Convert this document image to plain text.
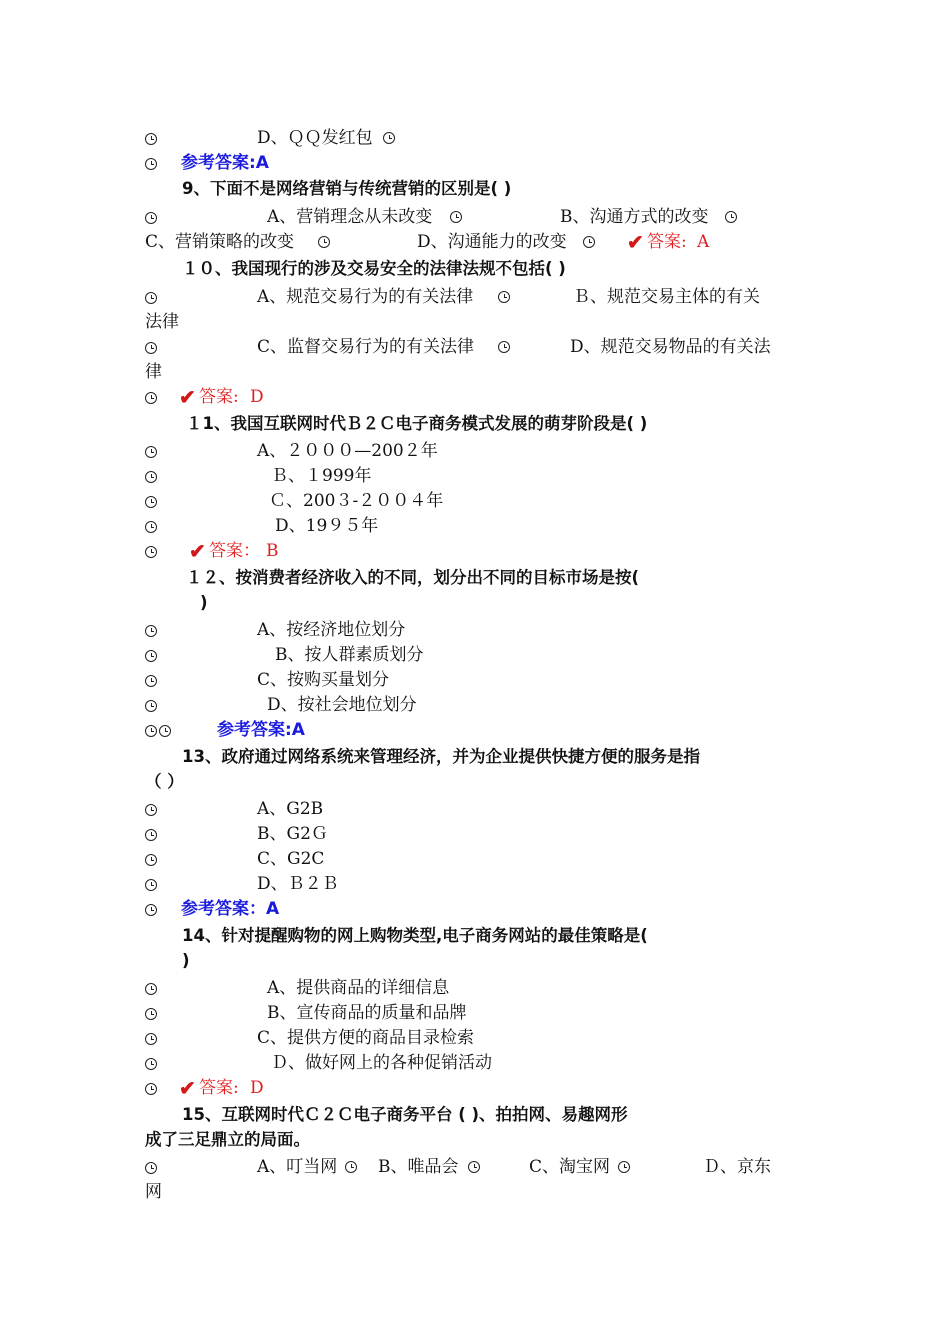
D、ＱＱ发红包
参考答案:A
9、下面不是网络营销与传统营销的区别是( )
A、营销理念从未改变	B、沟通方式的改变
C、营销策略的改变	D、沟通能力的改变	✔ 答案: A
１０、我国现行的涉及交易安全的法律法规不包括( )
A、规范交易行为的有关法律	Ｂ、规范交易主体的有关
法律
C、监督交易行为的有关法律	D、规范交易物品的有关法
律
✔ 答案: D
１1、我国互联网时代Ｂ２Ｃ电子商务模式发展的萌芽阶段是( )
A、２０００—200２年
Ｂ、１999年
Ｃ、200３-２００４年
D、19９５年
✔ 答案： B
１２、按消费者经济收入的不同，划分出不同的目标市场是按(
)
A、按经济地位划分
B、按人群素质划分
C、按购买量划分
D、按社会地位划分
参考答案:A
13、政府通过网络系统来管理经济，并为企业提供快捷方便的服务是指
（ ）
A、G2B
B、G2Ｇ
C、G2C
D、Ｂ２Ｂ
参考答案：A
14、针对提醒购物的网上购物类型,电子商务网站的最佳策略是(
)
A、提供商品的详细信息
B、宣传商品的质量和品牌
C、提供方便的商品目录检索
Ｄ、做好网上的各种促销活动
✔ 答案: D
15、互联网时代Ｃ２Ｃ电子商务平台 ( )、拍拍网、易趣网形
成了三足鼎立的局面。
A、叮当网 B、唯品会	C、淘宝网	Ｄ、京东
网
